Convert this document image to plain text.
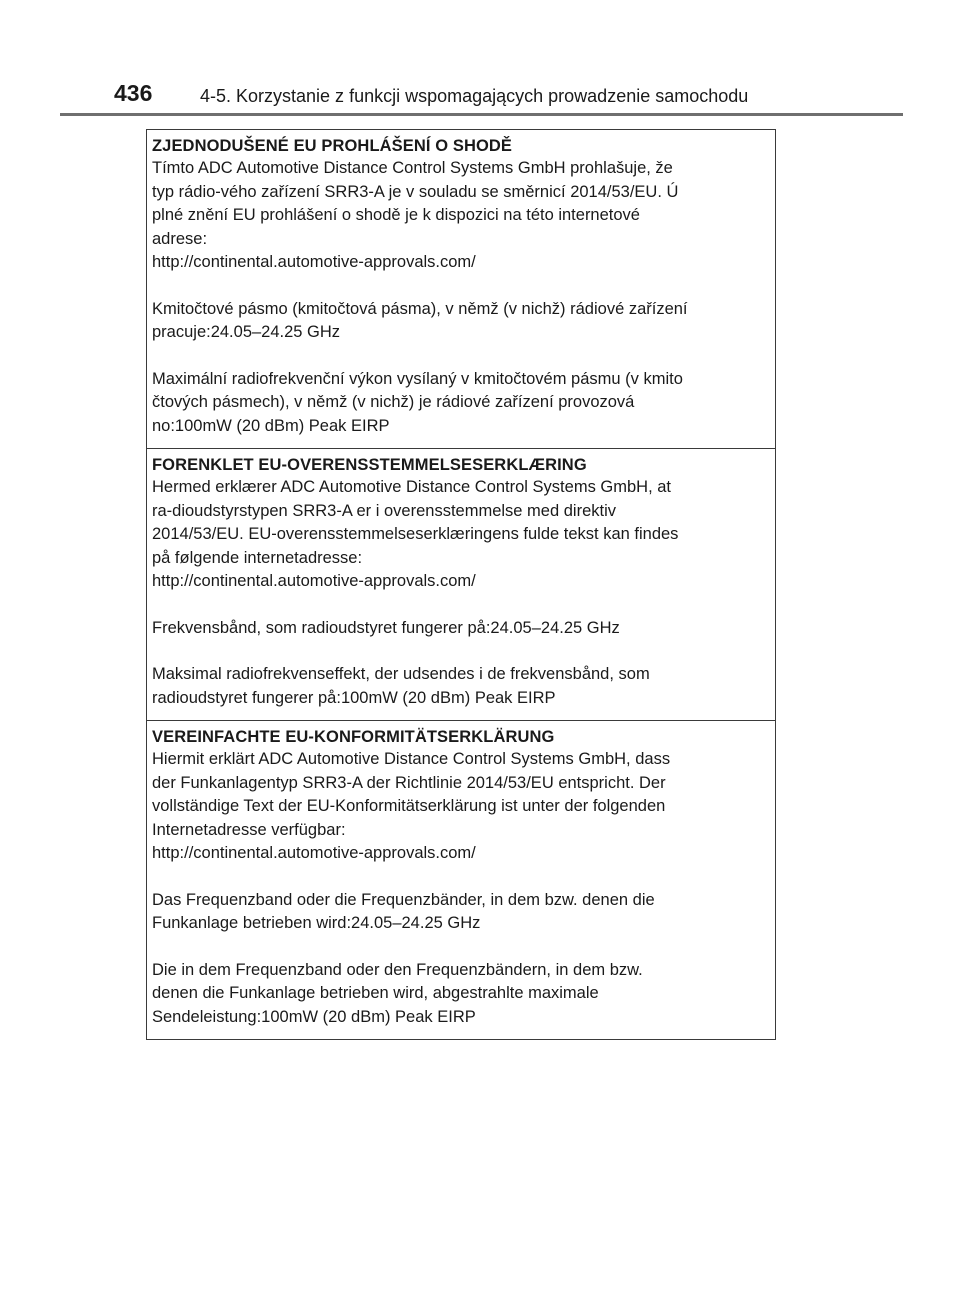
436	4-5. Korzystanie z funkcji wspomagających prowadzenie samochodu
ZJEDNODUŠENÉ EU PROHLÁŠENÍ O SHODĚ

Tímto ADC Automotive Distance Control Systems GmbH prohlašuje, že
typ rádio-vého zařízení SRR3-A je v souladu se směrnicí 2014/53/EU. Ú
plné znění EU prohlášení o shodě je k dispozici na této internetové
adrese:
http://continental.automotive-approvals.com/

Kmitočtové pásmo (kmitočtová pásma), v němž (v nichž) rádiové zařízení
pracuje:24.05–24.25 GHz

Maximální radiofrekvenční výkon vysílaný v kmitočtovém pásmu (v kmito
čtových pásmech), v němž (v nichž) je rádiové zařízení provozová
no:100mW (20 dBm) Peak EIRP

FORENKLET EU-OVERENSSTEMMELSESERKLÆRING

Hermed erklærer ADC Automotive Distance Control Systems GmbH, at
ra-dioudstyrstypen SRR3-A er i overensstemmelse med direktiv
2014/53/EU. EU-overensstemmelseserklæringens fulde tekst kan findes
på følgende internetadresse:
http://continental.automotive-approvals.com/

Frekvensbånd, som radioudstyret fungerer på:24.05–24.25 GHz

Maksimal radiofrekvenseffekt, der udsendes i de frekvensbånd, som
radioudstyret fungerer på:100mW (20 dBm) Peak EIRP

VEREINFACHTE EU-KONFORMITÄTSERKLÄRUNG

Hiermit erklärt ADC Automotive Distance Control Systems GmbH, dass
der Funkanlagentyp SRR3-A der Richtlinie 2014/53/EU entspricht. Der
vollständige Text der EU-Konformitätserklärung ist unter der folgenden
Internetadresse verfügbar:
http://continental.automotive-approvals.com/

Das Frequenzband oder die Frequenzbänder, in dem bzw. denen die
Funkanlage betrieben wird:24.05–24.25 GHz

Die in dem Frequenzband oder den Frequenzbändern, in dem bzw.
denen die Funkanlage betrieben wird, abgestrahlte maximale
Sendeleistung:100mW (20 dBm) Peak EIRP
